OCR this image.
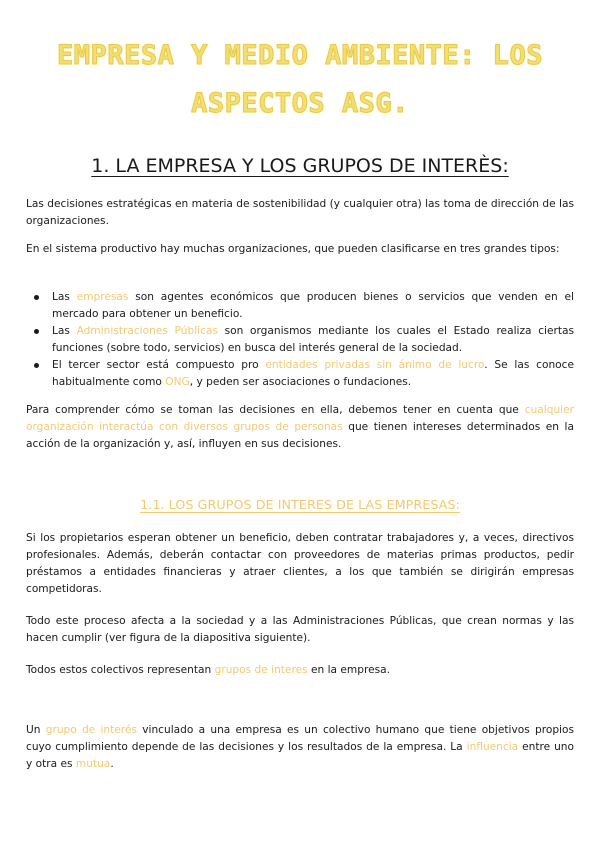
EMPRESA Y MEDIO AMBIENTE: LOS
ASPECTOS ASG.
1. LA EMPRESA Y LOS GRUPOS DE INTERÈS:

Las decisiones estratégicas en materia de sostenibilidad (y cualquier otra) las toma de dirección de las organizaciones.

En el sistema productivo hay muchas organizaciones, que pueden clasificarse en tres grandes tipos:

Las empresas son agentes económicos que producen bienes o servicios que venden en el mercado para obtener un beneficio.
Las Administraciones Públicas son organismos mediante los cuales el Estado realiza ciertas funciones (sobre todo, servicios) en busca del interés general de la sociedad.
El tercer sector está compuesto pro entidades privadas sin ánimo de lucro. Se las conoce habitualmente como ONG, y peden ser asociaciones o fundaciones.

Para comprender cómo se toman las decisiones en ella, debemos tener en cuenta que cualquier organización interactúa con diversos grupos de personas que tienen intereses determinados en la acción de la organización y, así, influyen en sus decisiones.

1.1. LOS GRUPOS DE INTERES DE LAS EMPRESAS:

Si los propietarios esperan obtener un beneficio, deben contratar trabajadores y, a veces, directivos profesionales. Además, deberán contactar con proveedores de materias primas productos, pedir préstamos a entidades financieras y atraer clientes, a los que también se dirigirán empresas competidoras.

Todo este proceso afecta a la sociedad y a las Administraciones Públicas, que crean normas y las hacen cumplir (ver figura de la diapositiva siguiente).

Todos estos colectivos representan grupos de interes en la empresa.

Un grupo de interés vinculado a una empresa es un colectivo humano que tiene objetivos propios cuyo cumplimiento depende de las decisiones y los resultados de la empresa. La influencia entre uno y otra es mutua.
